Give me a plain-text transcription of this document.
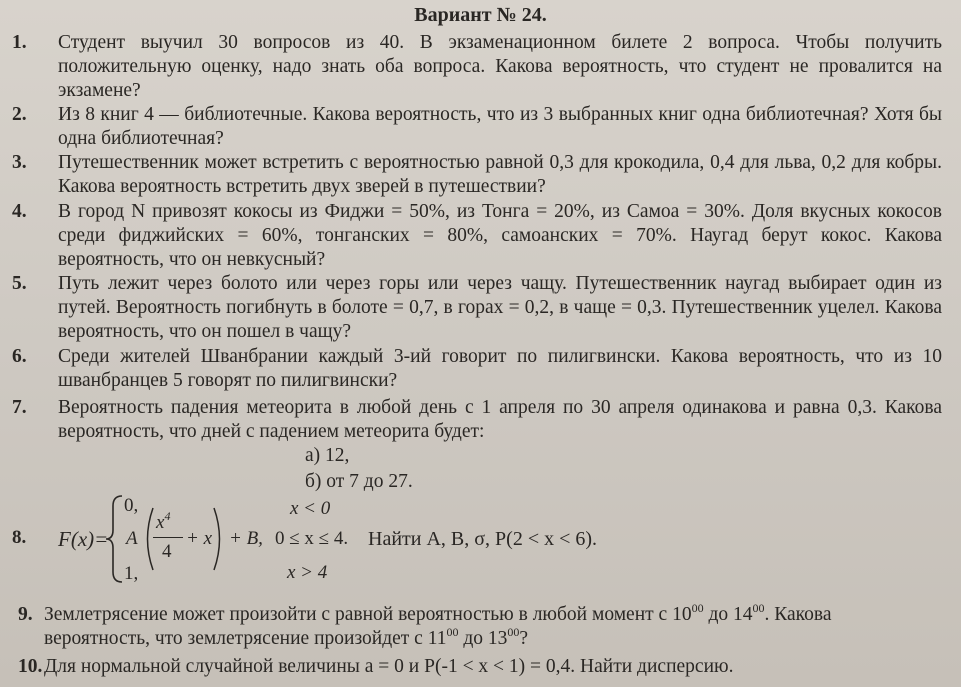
Вариант № 24.
1.	Студент выучил 30 вопросов из 40. В экзаменационном билете 2 вопроса. Чтобы получить положительную оценку, надо знать оба вопроса. Какова вероятность, что студент не провалится на экзамене?
2.	Из 8 книг 4 — библиотечные. Какова вероятность, что из 3 выбранных книг одна библиотечная? Хотя бы одна библиотечная?
3.	Путешественник может встретить с вероятностью равной 0,3 для крокодила, 0,4 для льва, 0,2 для кобры. Какова вероятность встретить двух зверей в путешествии?
4.	В город N привозят кокосы из Фиджи = 50%, из Тонга = 20%, из Самоа = 30%. Доля вкусных кокосов среди фиджийских = 60%, тонганских = 80%, самоанских = 70%. Наугад берут кокос. Какова вероятность, что он невкусный?
5.	Путь лежит через болото или через горы или через чащу. Путешественник наугад выбирает один из путей. Вероятность погибнуть в болоте = 0,7, в горах = 0,2, в чаще = 0,3. Путешественник уцелел. Какова вероятность, что он пошел в чащу?
6.	Среди жителей Шванбрании каждый 3-ий говорит по пилигвински. Какова вероятность, что из 10 шванбранцев 5 говорят по пилигвински?
7.	Вероятность падения метеорита в любой день с 1 апреля по 30 апреля одинакова и равна 0,3. Какова вероятность, что дней с падением метеорита будет:
а) 12,
б) от 7 до 27.
8. F(x)=
0,	x < 0
A
$x^4$
4
+ x + B, 0 ≤ x ≤ 4. Найти A, B, σ, P(2 < x < 6).
1,	x > 4
9. Землетрясение может произойти с равной вероятностью в любой момент с $10^{00}$ до $14^{00}$. Какова
вероятность, что землетрясение произойдет с $11^{00}$ до $13^{00}$?
10. Для нормальной случайной величины a = 0 и P(-1 < x < 1) = 0,4. Найти дисперсию.
